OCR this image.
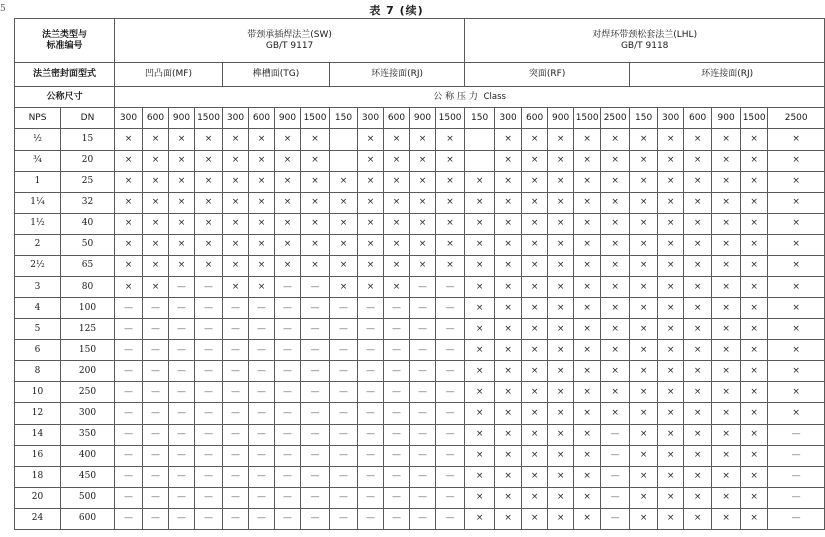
5	表 7 (续)
法兰类型与
标准编号		带颈承插焊法兰(SW)
GB/T 9117													对焊环带颈松套法兰(LHL)
GB/T 9118											

法兰密封面型式		凹凸面(MF)				榫槽面(TG)				环连接面(RJ)					突面(RF)						环连接面(RJ)					
公称尺寸		公 称 压 力 Class																								
NPS	DN	300	600	900	1500	300	600	900	1500	150	300	600	900	1500	150	300	600	900	1500	2500	150	300	600	900	1500	2500
½	15	×	×	×	×	×	×	×	×		×	×	×	×		×	×	×	×	×	×	×	×	×	×	×
¾	20	×	×	×	×	×	×	×	×		×	×	×	×		×	×	×	×	×	×	×	×	×	×	×
1	25	×	×	×	×	×	×	×	×	×	×	×	×	×	×	×	×	×	×	×	×	×	×	×	×	×
1¼	32	×	×	×	×	×	×	×	×	×	×	×	×	×	×	×	×	×	×	×	×	×	×	×	×	×
1½	40	×	×	×	×	×	×	×	×	×	×	×	×	×	×	×	×	×	×	×	×	×	×	×	×	×
2	50	×	×	×	×	×	×	×	×	×	×	×	×	×	×	×	×	×	×	×	×	×	×	×	×	×
2½	65	×	×	×	×	×	×	×	×	×	×	×	×	×	×	×	×	×	×	×	×	×	×	×	×	×
3	80	×	×	—	—	×	×	—	—	×	×	×	—	—	×	×	×	×	×	×	×	×	×	×	×	×
4	100	—	—	—	—	—	—	—	—	—	—	—	—	—	×	×	×	×	×	×	×	×	×	×	×	×
5	125	—	—	—	—	—	—	—	—	—	—	—	—	—	×	×	×	×	×	×	×	×	×	×	×	×
6	150	—	—	—	—	—	—	—	—	—	—	—	—	—	×	×	×	×	×	×	×	×	×	×	×	×
8	200	—	—	—	—	—	—	—	—	—	—	—	—	—	×	×	×	×	×	×	×	×	×	×	×	×
10	250	—	—	—	—	—	—	—	—	—	—	—	—	—	×	×	×	×	×	×	×	×	×	×	×	×
12	300	—	—	—	—	—	—	—	—	—	—	—	—	—	×	×	×	×	×	×	×	×	×	×	×	×
14	350	—	—	—	—	—	—	—	—	—	—	—	—	—	×	×	×	×	×	—	×	×	×	×	×	—
16	400	—	—	—	—	—	—	—	—	—	—	—	—	—	×	×	×	×	×	—	×	×	×	×	×	—
18	450	—	—	—	—	—	—	—	—	—	—	—	—	—	×	×	×	×	×	—	×	×	×	×	×	—
20	500	—	—	—	—	—	—	—	—	—	—	—	—	—	×	×	×	×	×	—	×	×	×	×	×	—
24	600	—	—	—	—	—	—	—	—	—	—	—	—	—	×	×	×	×	×	—	×	×	×	×	×	—
